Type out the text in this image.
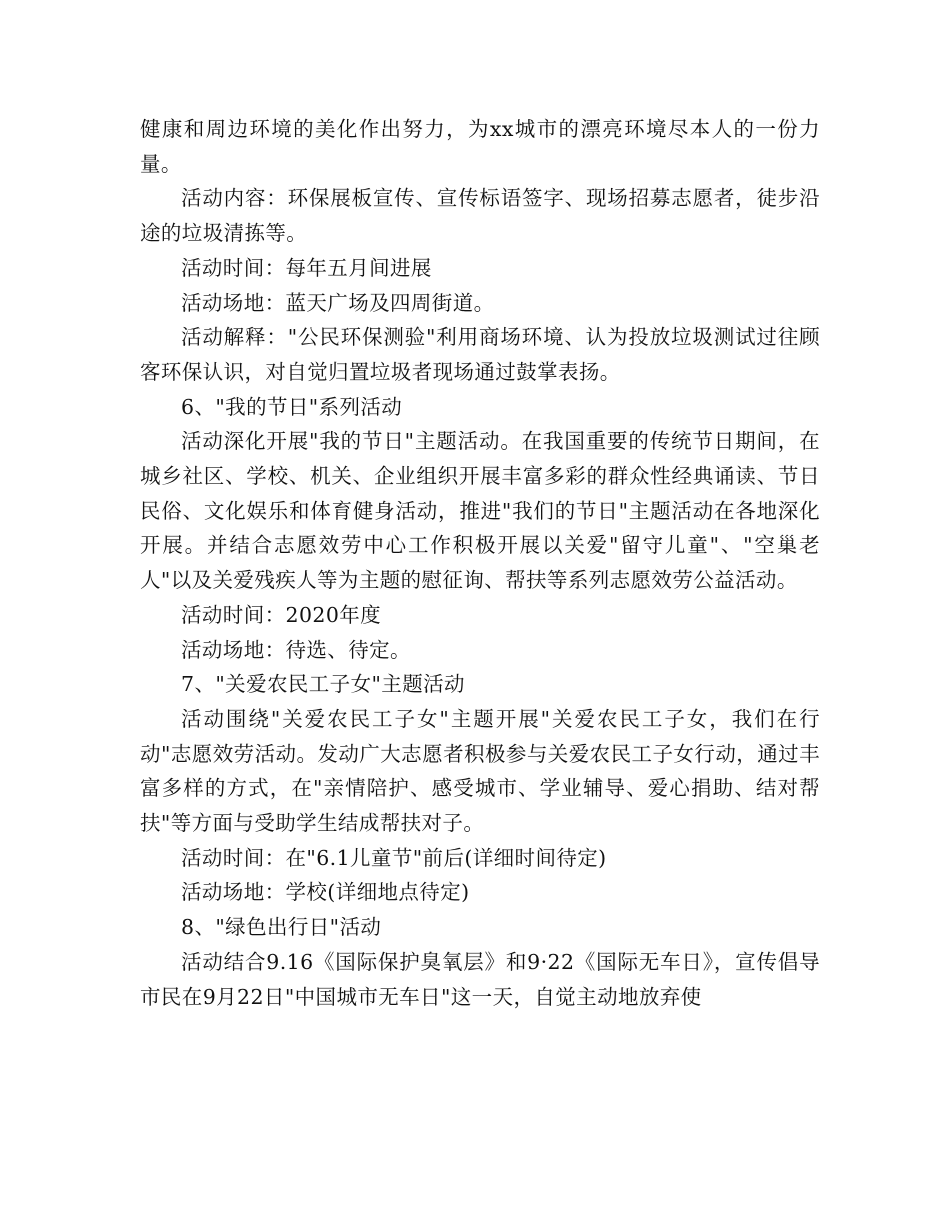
健康和周边环境的美化作出努力，为xx城市的漂亮环境尽本人的一份力量。

活动内容：环保展板宣传、宣传标语签字、现场招募志愿者，徒步沿途的垃圾清拣等。

活动时间：每年五月间进展

活动场地：蓝天广场及四周街道。

活动解释："公民环保测验"利用商场环境、认为投放垃圾测试过往顾客环保认识，对自觉归置垃圾者现场通过鼓掌表扬。

6、"我的节日"系列活动

活动深化开展"我的节日"主题活动。在我国重要的传统节日期间，在城乡社区、学校、机关、企业组织开展丰富多彩的群众性经典诵读、节日民俗、文化娱乐和体育健身活动，推进"我们的节日"主题活动在各地深化开展。并结合志愿效劳中心工作积极开展以关爱"留守儿童"、"空巢老人"以及关爱残疾人等为主题的慰征询、帮扶等系列志愿效劳公益活动。

活动时间：2020年度

活动场地：待选、待定。

7、"关爱农民工子女"主题活动

活动围绕"关爱农民工子女"主题开展"关爱农民工子女，我们在行动"志愿效劳活动。发动广大志愿者积极参与关爱农民工子女行动，通过丰富多样的方式，在"亲情陪护、感受城市、学业辅导、爱心捐助、结对帮扶"等方面与受助学生结成帮扶对子。

活动时间：在"6.1儿童节"前后(详细时间待定)

活动场地：学校(详细地点待定)

8、"绿色出行日"活动

活动结合9.16《国际保护臭氧层》和9·22《国际无车日》，宣传倡导市民在9月22日"中国城市无车日"这一天，自觉主动地放弃使
